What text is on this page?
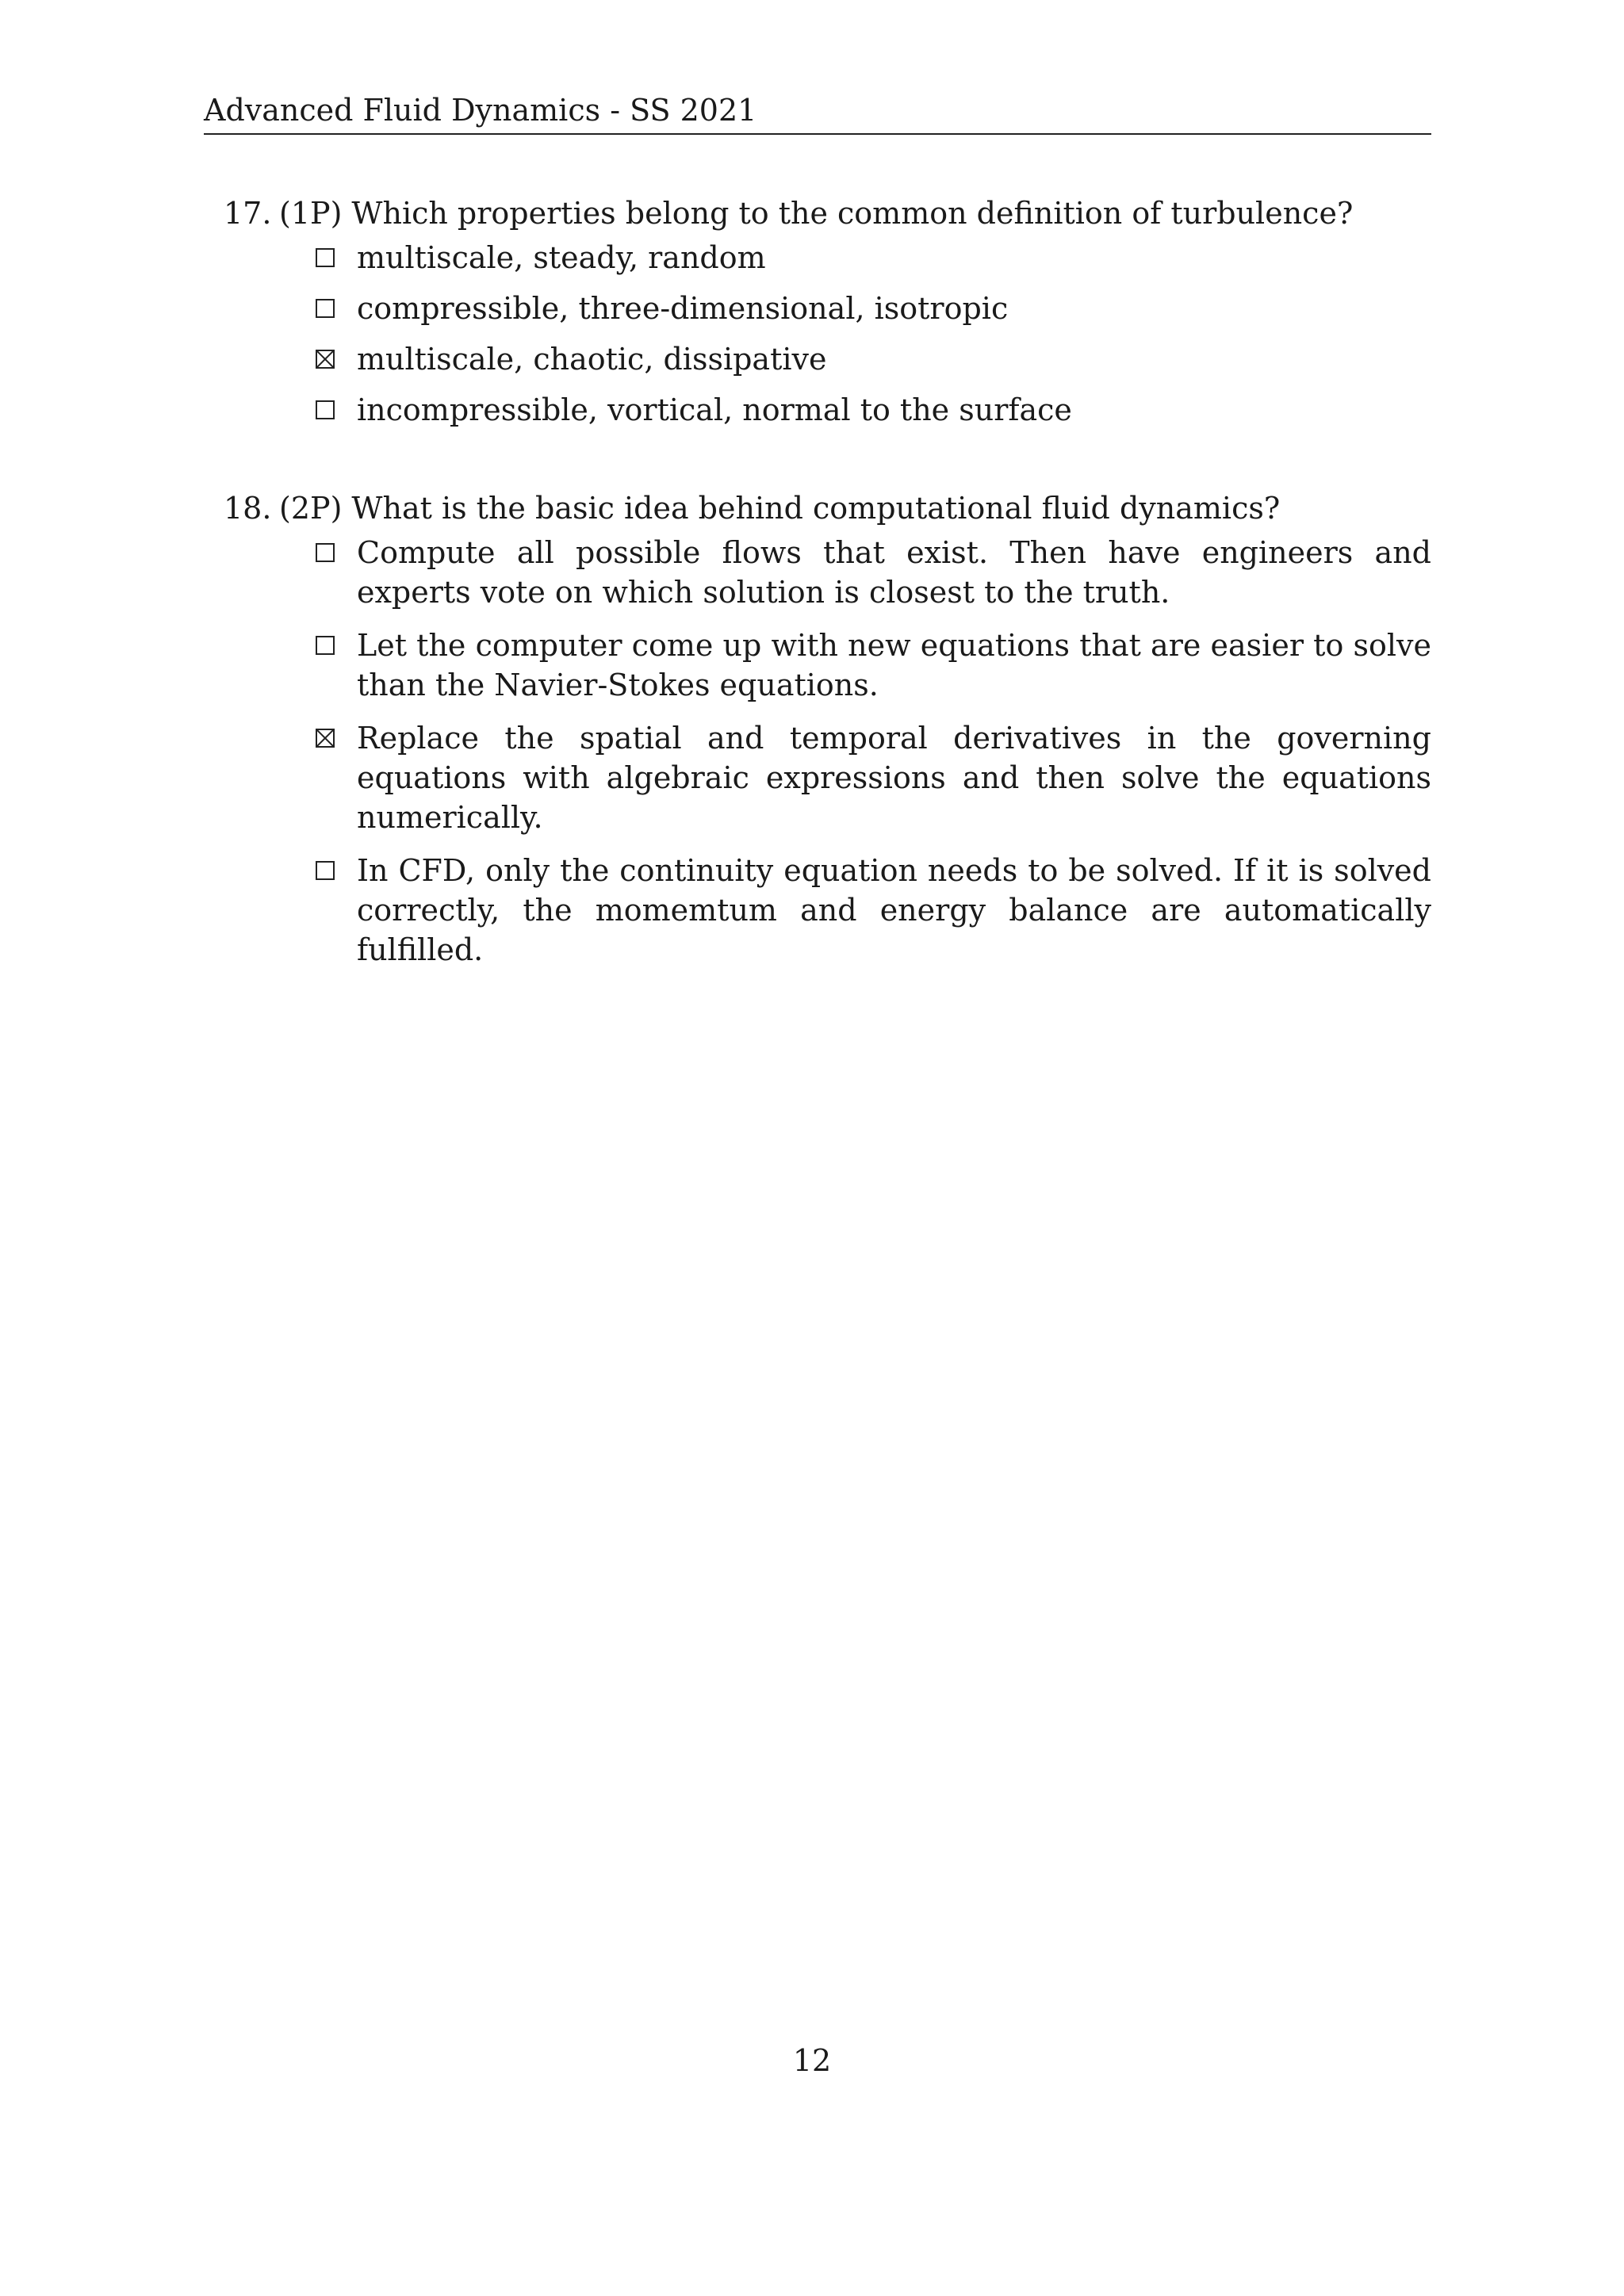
Advanced Fluid Dynamics - SS 2021
17. (1P) Which properties belong to the common definition of turbulence?
multiscale, steady, random
compressible, three-dimensional, isotropic
multiscale, chaotic, dissipative
incompressible, vortical, normal to the surface
18. (2P) What is the basic idea behind computational fluid dynamics?
Compute all possible flows that exist. Then have engineers and experts vote on which solution is closest to the truth.
Let the computer come up with new equations that are easier to solve than the Navier-Stokes equations.
Replace the spatial and temporal derivatives in the governing equations with algebraic expressions and then solve the equations numerically.
In CFD, only the continuity equation needs to be solved. If it is solved correctly, the momemtum and energy balance are automatically fulfilled.
12
